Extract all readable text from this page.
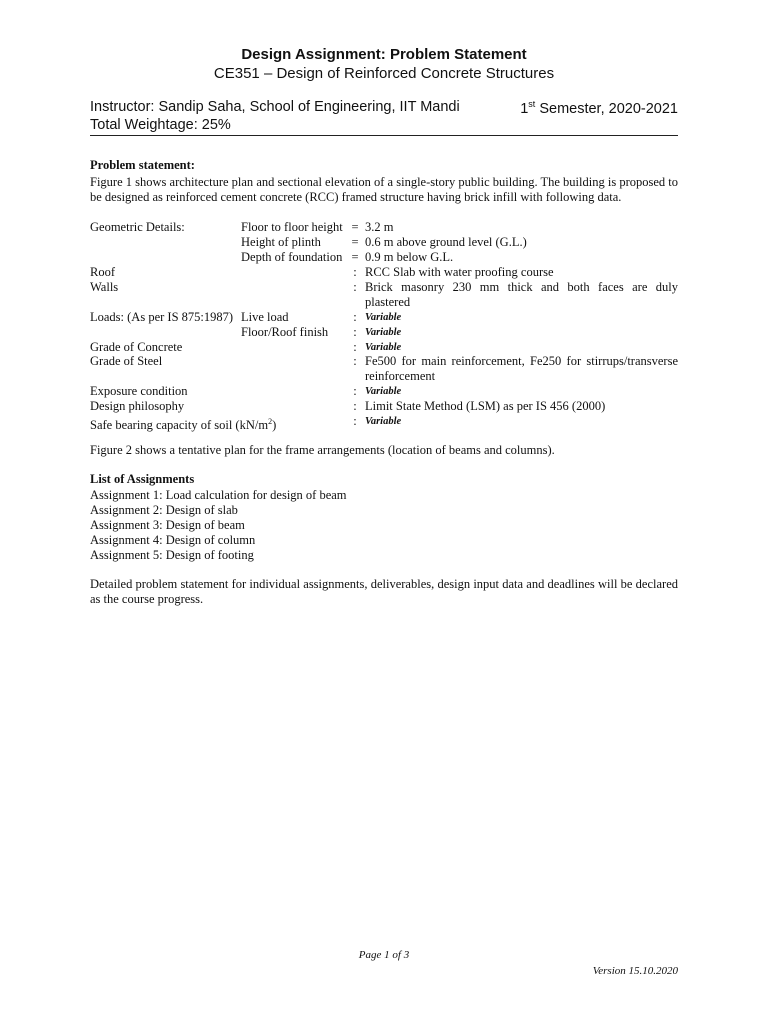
Design Assignment: Problem Statement
CE351 – Design of Reinforced Concrete Structures
Instructor: Sandip Saha, School of Engineering, IIT Mandi	1st Semester, 2020-2021
Total Weightage: 25%
Problem statement:
Figure 1 shows architecture plan and sectional elevation of a single-story public building. The building is proposed to be designed as reinforced cement concrete (RCC) framed structure having brick infill with following data.
Geometric Details:	Floor to floor height = 3.2 m
Height of plinth = 0.6 m above ground level (G.L.)
Depth of foundation = 0.9 m below G.L.
Roof	: RCC Slab with water proofing course
Walls	: Brick masonry 230 mm thick and both faces are duly plastered
Loads: (As per IS 875:1987) Live load	: Variable
Floor/Roof finish	: Variable
Grade of Concrete	: Variable
Grade of Steel	: Fe500 for main reinforcement, Fe250 for stirrups/transverse reinforcement
Exposure condition	: Variable
Design philosophy	: Limit State Method (LSM) as per IS 456 (2000)
Safe bearing capacity of soil $(kN/m^2)$	: Variable
Figure 2 shows a tentative plan for the frame arrangements (location of beams and columns).
List of Assignments
Assignment 1: Load calculation for design of beam
Assignment 2: Design of slab
Assignment 3: Design of beam
Assignment 4: Design of column
Assignment 5: Design of footing
Detailed problem statement for individual assignments, deliverables, design input data and deadlines will be declared as the course progress.
Page 1 of 3
Version 15.10.2020
